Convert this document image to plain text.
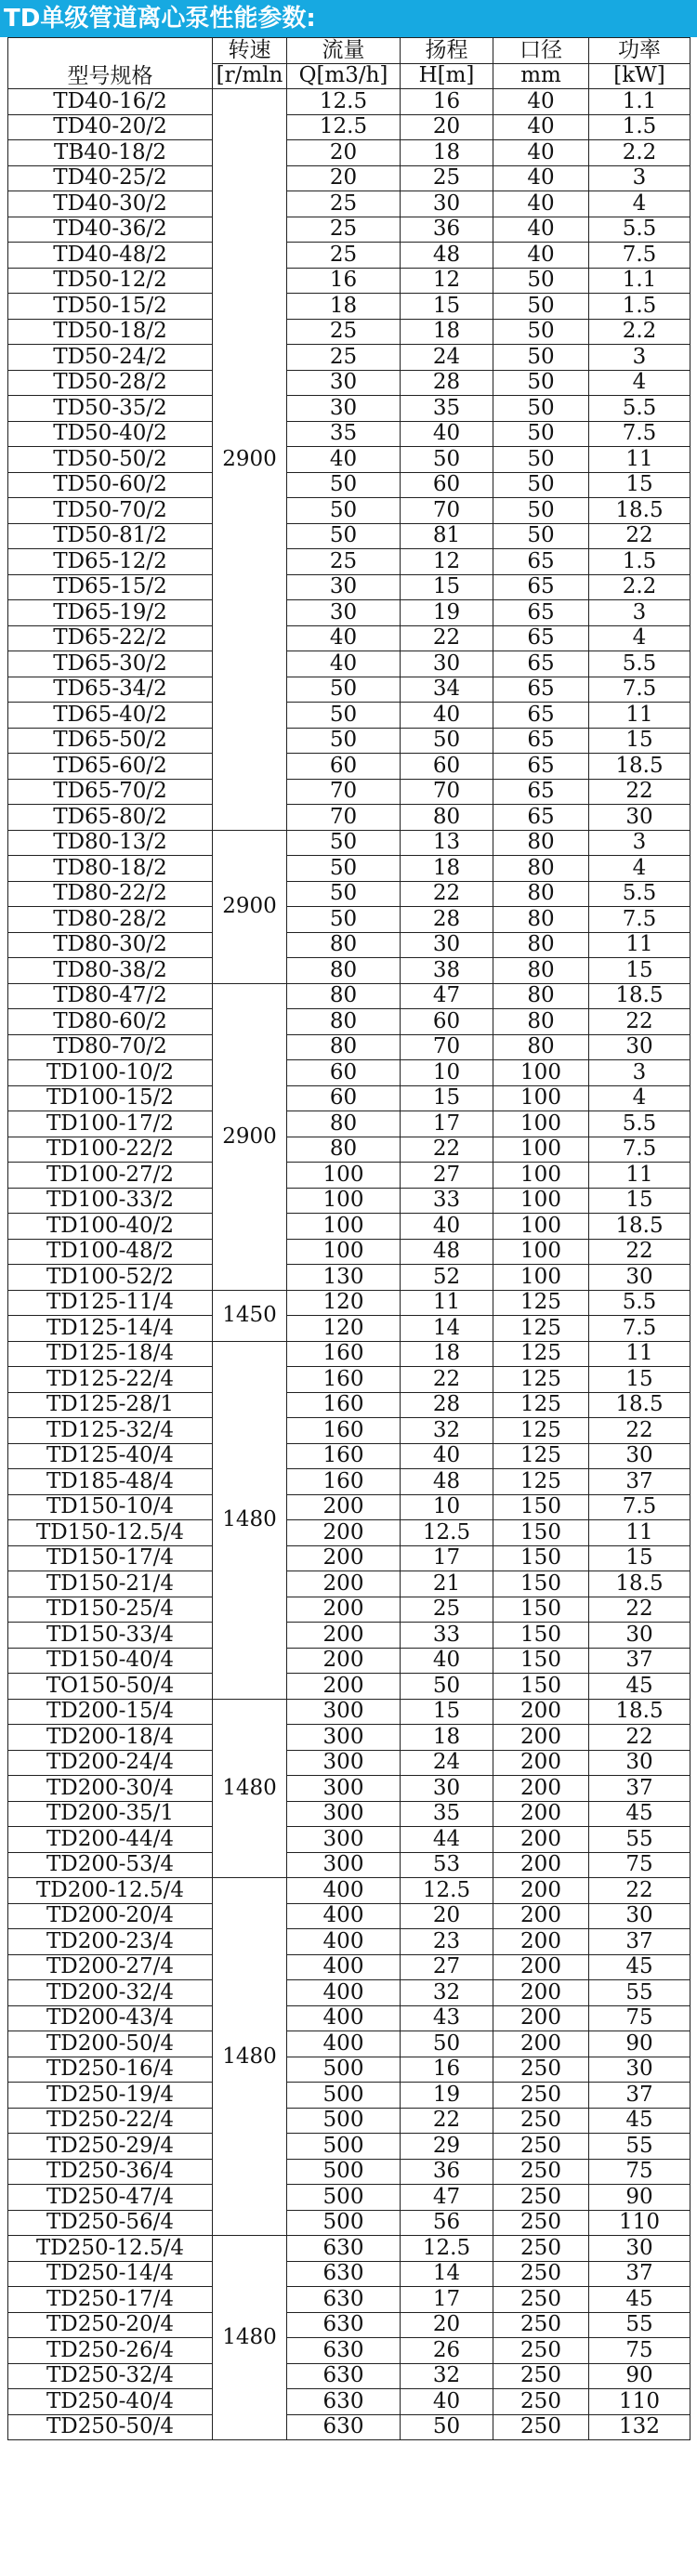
TD单级管道离心泵性能参数:
型号规格	转速	流量	扬程	口径	功率
	[r/mln	Q[m3/h]	H[m]	mm	[kW]
TD40-16/2	2900	12.5	16	40	1.1
TD40-20/2		12.5	20	40	1.5
TB40-18/2		20	18	40	2.2
TD40-25/2		20	25	40	3
TD40-30/2		25	30	40	4
TD40-36/2		25	36	40	5.5
TD40-48/2		25	48	40	7.5
TD50-12/2		16	12	50	1.1
TD50-15/2		18	15	50	1.5
TD50-18/2		25	18	50	2.2
TD50-24/2		25	24	50	3
TD50-28/2		30	28	50	4
TD50-35/2		30	35	50	5.5
TD50-40/2		35	40	50	7.5
TD50-50/2		40	50	50	11
TD50-60/2		50	60	50	15
TD50-70/2		50	70	50	18.5
TD50-81/2		50	81	50	22
TD65-12/2		25	12	65	1.5
TD65-15/2		30	15	65	2.2
TD65-19/2		30	19	65	3
TD65-22/2		40	22	65	4
TD65-30/2		40	30	65	5.5
TD65-34/2		50	34	65	7.5
TD65-40/2		50	40	65	11
TD65-50/2		50	50	65	15
TD65-60/2		60	60	65	18.5
TD65-70/2		70	70	65	22
TD65-80/2		70	80	65	30
TD80-13/2	2900	50	13	80	3
TD80-18/2		50	18	80	4
TD80-22/2		50	22	80	5.5
TD80-28/2		50	28	80	7.5
TD80-30/2		80	30	80	11
TD80-38/2		80	38	80	15
TD80-47/2	2900	80	47	80	18.5
TD80-60/2		80	60	80	22
TD80-70/2		80	70	80	30
TD100-10/2		60	10	100	3
TD100-15/2		60	15	100	4
TD100-17/2		80	17	100	5.5
TD100-22/2		80	22	100	7.5
TD100-27/2		100	27	100	11
TD100-33/2		100	33	100	15
TD100-40/2		100	40	100	18.5
TD100-48/2		100	48	100	22
TD100-52/2		130	52	100	30
TD125-11/4	1450	120	11	125	5.5
TD125-14/4		120	14	125	7.5
TD125-18/4	1480	160	18	125	11
TD125-22/4		160	22	125	15
TD125-28/1		160	28	125	18.5
TD125-32/4		160	32	125	22
TD125-40/4		160	40	125	30
TD185-48/4		160	48	125	37
TD150-10/4		200	10	150	7.5
TD150-12.5/4		200	12.5	150	11
TD150-17/4		200	17	150	15
TD150-21/4		200	21	150	18.5
TD150-25/4		200	25	150	22
TD150-33/4		200	33	150	30
TD150-40/4		200	40	150	37
TO150-50/4		200	50	150	45
TD200-15/4	1480	300	15	200	18.5
TD200-18/4		300	18	200	22
TD200-24/4		300	24	200	30
TD200-30/4		300	30	200	37
TD200-35/1		300	35	200	45
TD200-44/4		300	44	200	55
TD200-53/4		300	53	200	75
TD200-12.5/4	1480	400	12.5	200	22
TD200-20/4		400	20	200	30
TD200-23/4		400	23	200	37
TD200-27/4		400	27	200	45
TD200-32/4		400	32	200	55
TD200-43/4		400	43	200	75
TD200-50/4		400	50	200	90
TD250-16/4		500	16	250	30
TD250-19/4		500	19	250	37
TD250-22/4		500	22	250	45
TD250-29/4		500	29	250	55
TD250-36/4		500	36	250	75
TD250-47/4		500	47	250	90
TD250-56/4		500	56	250	110
TD250-12.5/4	1480	630	12.5	250	30
TD250-14/4		630	14	250	37
TD250-17/4		630	17	250	45
TD250-20/4		630	20	250	55
TD250-26/4		630	26	250	75
TD250-32/4		630	32	250	90
TD250-40/4		630	40	250	110
TD250-50/4		630	50	250	132
